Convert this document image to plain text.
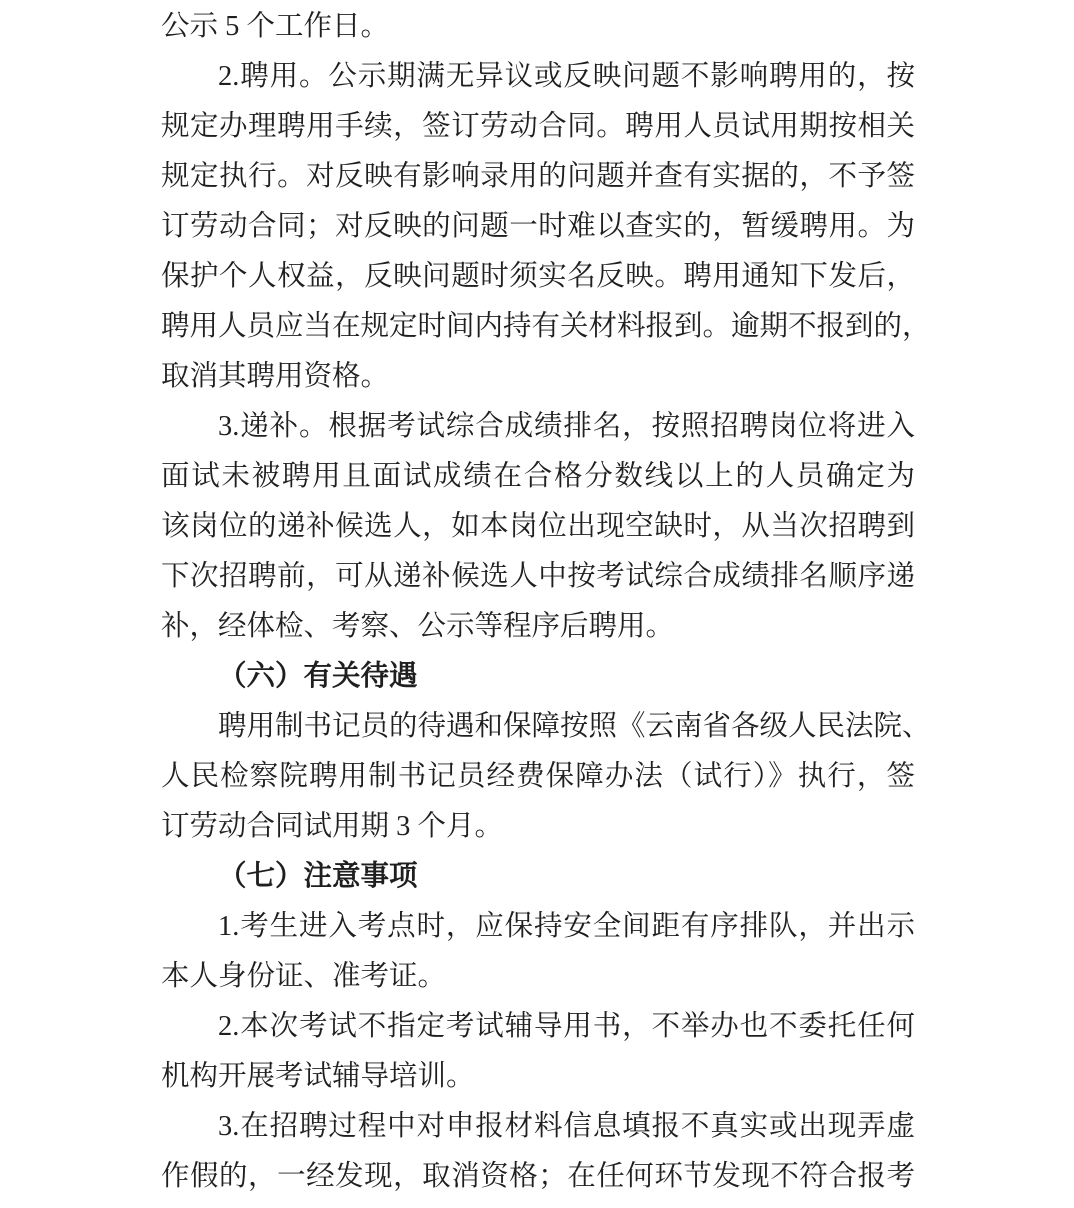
公示 5 个工作日。
2.聘用。公示期满无异议或反映问题不影响聘用的，按
规定办理聘用手续，签订劳动合同。聘用人员试用期按相关
规定执行。对反映有影响录用的问题并查有实据的，不予签
订劳动合同；对反映的问题一时难以查实的，暂缓聘用。为
保护个人权益，反映问题时须实名反映。聘用通知下发后，
聘用人员应当在规定时间内持有关材料报到。逾期不报到的，
取消其聘用资格。
3.递补。根据考试综合成绩排名，按照招聘岗位将进入
面试未被聘用且面试成绩在合格分数线以上的人员确定为
该岗位的递补候选人，如本岗位出现空缺时，从当次招聘到
下次招聘前，可从递补候选人中按考试综合成绩排名顺序递
补，经体检、考察、公示等程序后聘用。
（六）有关待遇
聘用制书记员的待遇和保障按照《云南省各级人民法院、
人民检察院聘用制书记员经费保障办法（试行）》执行，签
订劳动合同试用期 3 个月。
（七）注意事项
1.考生进入考点时，应保持安全间距有序排队，并出示
本人身份证、准考证。
2.本次考试不指定考试辅导用书，不举办也不委托任何
机构开展考试辅导培训。
3.在招聘过程中对申报材料信息填报不真实或出现弄虚
作假的，一经发现，取消资格；在任何环节发现不符合报考
